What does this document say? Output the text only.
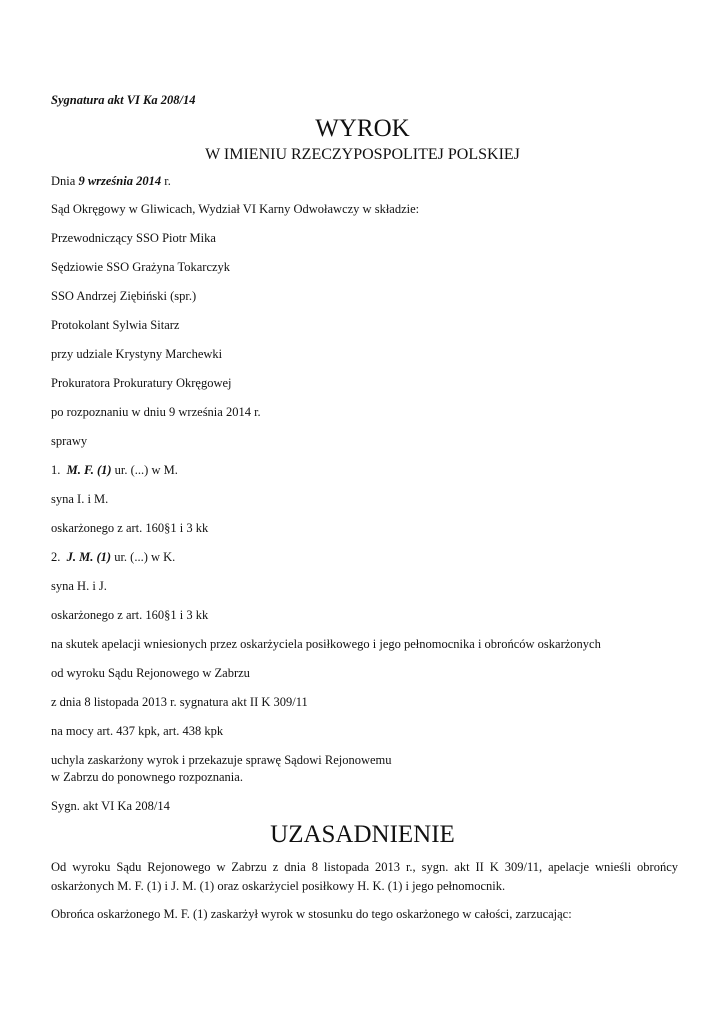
Sygnatura akt VI Ka 208/14
WYROK
W IMIENIU RZECZYPOSPOLITEJ POLSKIEJ
Dnia 9 września 2014 r.
Sąd Okręgowy w Gliwicach, Wydział VI Karny Odwoławczy w składzie:
Przewodniczący SSO Piotr Mika
Sędziowie SSO Grażyna Tokarczyk
SSO Andrzej Ziębiński (spr.)
Protokolant Sylwia Sitarz
przy udziale Krystyny Marchewki
Prokuratora Prokuratury Okręgowej
po rozpoznaniu w dniu 9 września 2014 r.
sprawy
1.  M. F. (1) ur. (...) w M.
syna I. i M.
oskarżonego z art. 160§1 i 3 kk
2.  J. M. (1) ur. (...) w K.
syna H. i J.
oskarżonego z art. 160§1 i 3 kk
na skutek apelacji wniesionych przez oskarżyciela posiłkowego i jego pełnomocnika i obrońców oskarżonych
od wyroku Sądu Rejonowego w Zabrzu
z dnia 8 listopada 2013 r. sygnatura akt II K 309/11
na mocy art. 437 kpk, art. 438 kpk
uchyla zaskarżony wyrok i przekazuje sprawę Sądowi Rejonowemu
w Zabrzu do ponownego rozpoznania.
Sygn. akt VI Ka 208/14
UZASADNIENIE
Od wyroku Sądu Rejonowego w Zabrzu z dnia 8 listopada 2013 r., sygn. akt II K 309/11, apelacje wnieśli obrońcy oskarżonych M. F. (1) i J. M. (1) oraz oskarżyciel posiłkowy H. K. (1) i jego pełnomocnik.
Obrońca oskarżonego M. F. (1) zaskarżył wyrok w stosunku do tego oskarżonego w całości, zarzucając:
